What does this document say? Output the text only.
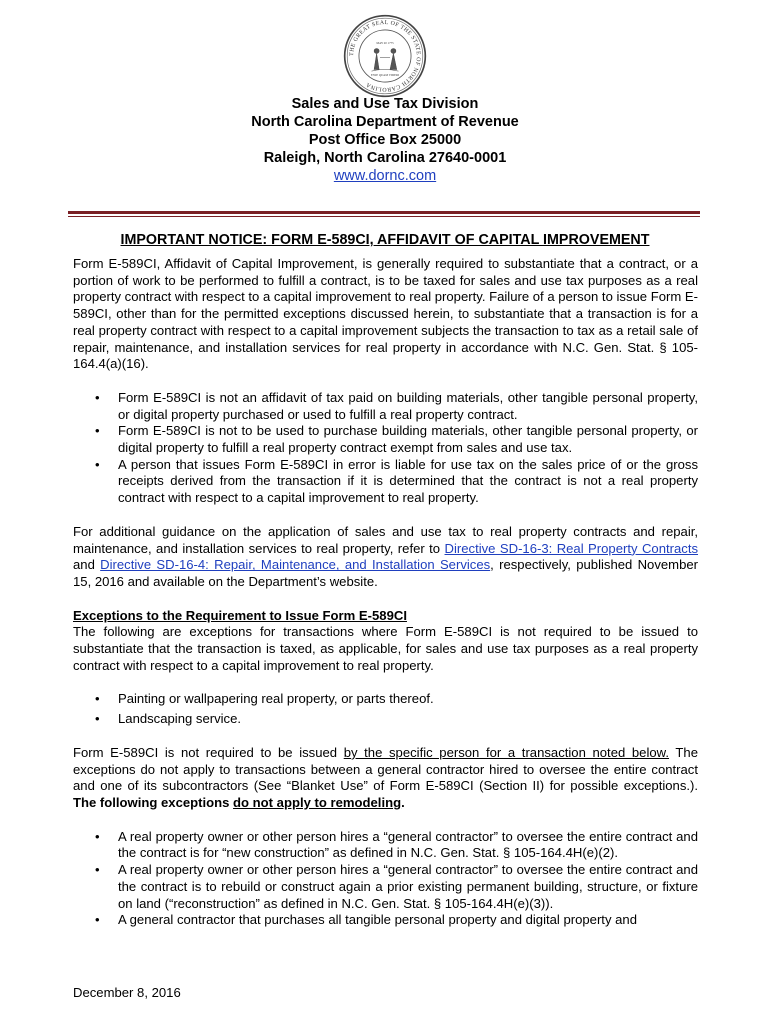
THE GREAT SEAL OF THE STATE OF NORTH CAROLINA
ESSE QUAM VIDERI
MAY 20 1775
Sales and Use Tax Division
North Carolina Department of Revenue
Post Office Box 25000
Raleigh, North Carolina 27640-0001
www.dornc.com
IMPORTANT NOTICE: FORM E-589CI, AFFIDAVIT OF CAPITAL IMPROVEMENT

Form E-589CI, Affidavit of Capital Improvement, is generally required to substantiate that a contract, or a portion of work to be performed to fulfill a contract, is to be taxed for sales and use tax purposes as a real property contract with respect to a capital improvement to real property. Failure of a person to issue Form E-589CI, other than for the permitted exceptions discussed herein, to substantiate that a transaction is for a real property contract with respect to a capital improvement subjects the transaction to tax as a retail sale of repair, maintenance, and installation services for real property in accordance with N.C. Gen. Stat. § 105-164.4(a)(16).

• Form E-589CI is not an affidavit of tax paid on building materials, other tangible personal property, or digital property purchased or used to fulfill a real property contract.
• Form E-589CI is not to be used to purchase building materials, other tangible personal property, or digital property to fulfill a real property contract exempt from sales and use tax.
• A person that issues Form E-589CI in error is liable for use tax on the sales price of or the gross receipts derived from the transaction if it is determined that the contract is not a real property contract with respect to a capital improvement to real property.

For additional guidance on the application of sales and use tax to real property contracts and repair, maintenance, and installation services to real property, refer to Directive SD-16-3: Real Property Contracts and Directive SD-16-4: Repair, Maintenance, and Installation Services, respectively, published November 15, 2016 and available on the Department’s website.

Exceptions to the Requirement to Issue Form E-589CI
The following are exceptions for transactions where Form E-589CI is not required to be issued to substantiate that the transaction is taxed, as applicable, for sales and use tax purposes as a real property contract with respect to a capital improvement to real property.

• Painting or wallpapering real property, or parts thereof.
• Landscaping service.

Form E-589CI is not required to be issued by the specific person for a transaction noted below. The exceptions do not apply to transactions between a general contractor hired to oversee the entire contract and one of its subcontractors (See “Blanket Use” of Form E-589CI (Section II) for possible exceptions.). The following exceptions do not apply to remodeling.

• A real property owner or other person hires a “general contractor” to oversee the entire contract and the contract is for “new construction” as defined in N.C. Gen. Stat. § 105-164.4H(e)(2).
• A real property owner or other person hires a “general contractor” to oversee the entire contract and the contract is to rebuild or construct again a prior existing permanent building, structure, or fixture on land (“reconstruction” as defined in N.C. Gen. Stat. § 105-164.4H(e)(3)).
• A general contractor that purchases all tangible personal property and digital property and
December 8, 2016
